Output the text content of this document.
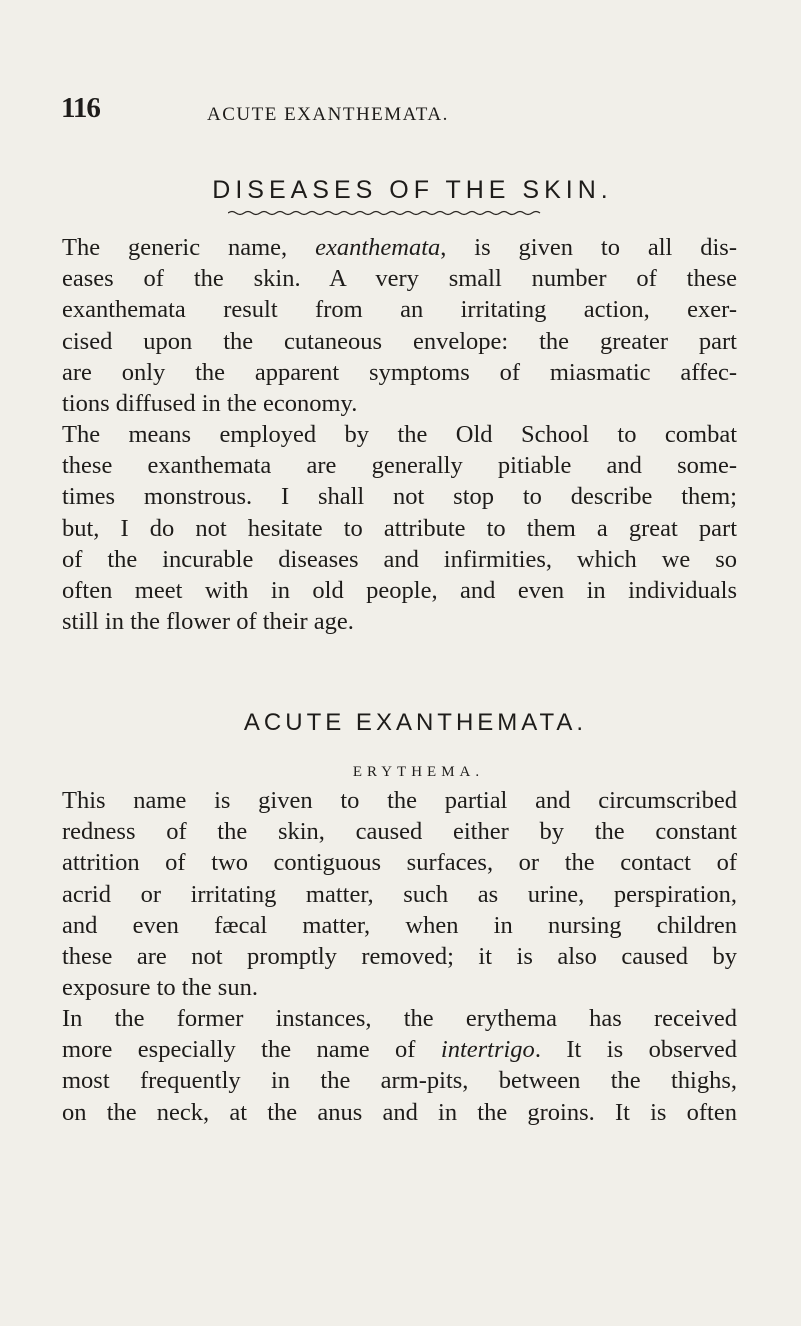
116	ACUTE EXANTHEMATA.
DISEASES OF THE SKIN.
The generic name, exanthemata, is given to all dis-
eases of the skin. A very small number of these
exanthemata result from an irritating action, exer-
cised upon the cutaneous envelope: the greater part
are only the apparent symptoms of miasmatic affec-
tions diffused in the economy.
The means employed by the Old School to combat
these exanthemata are generally pitiable and some-
times monstrous. I shall not stop to describe them;
but, I do not hesitate to attribute to them a great part
of the incurable diseases and infirmities, which we so
often meet with in old people, and even in individuals
still in the flower of their age.
ACUTE EXANTHEMATA.
ERYTHEMA.
This name is given to the partial and circumscribed
redness of the skin, caused either by the constant
attrition of two contiguous surfaces, or the contact of
acrid or irritating matter, such as urine, perspiration,
and even fæcal matter, when in nursing children
these are not promptly removed; it is also caused by
exposure to the sun.
In the former instances, the erythema has received
more especially the name of intertrigo. It is observed
most frequently in the arm-pits, between the thighs,
on the neck, at the anus and in the groins. It is often
